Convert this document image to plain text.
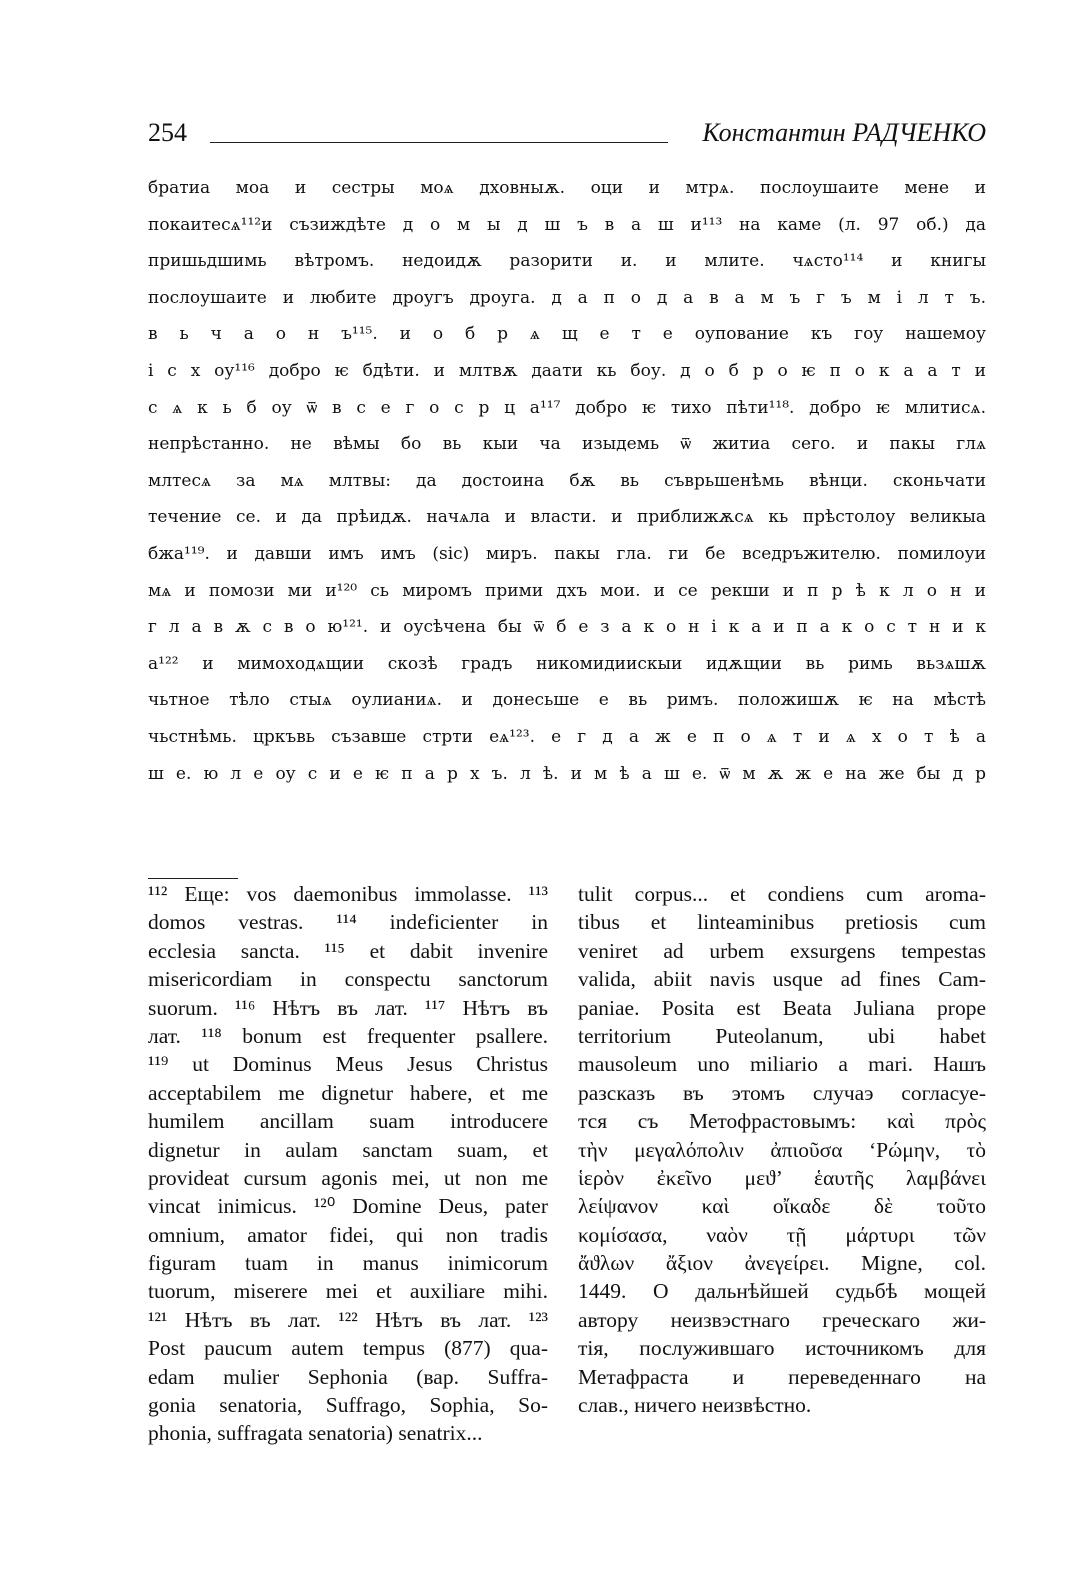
254	Константин РАДЧЕНКО
братиа моа и сестры моѧ дховныѫ. оци и мтрѧ. послоушаите мене и
покаитесѧ¹¹²и съзиждѣте д о м ы д ш ъ в а ш и¹¹³ на камe (л. 97 об.) да
пришьдшимь вѣтромъ. недоидѫ разорити и. и млите. чѧсто¹¹⁴ и книгы
послоушаите и любите дроугъ дроуга. д а п о д а в а м ъ г ъ м і л т ъ.
в ь ч а о н ъ¹¹⁵. и о б р ѧ щ е т е оупованиe къ гоу нашемоу
і с х оу¹¹⁶ добро ѥ бдѣти. и млтвѫ даати кь боу. д о б р о ѥ п о к а а т и
с ѧ к ь б оу ѿ в с е г о с р ц а¹¹⁷ добро ѥ тихо пѣти¹¹⁸. добро ѥ млитисѧ.
непрѣстанно. не вѣмы бо вь кыи ча изыдемь ѿ житиа сего. и пакы глѧ
млтесѧ за мѧ млтвы: да достоина бѫ вь съврьшенѣмь вѣнци. сконьчати
течениe се. и да прѣидѫ. начѧла и власти. и приближѫсѧ кь прѣстолоу великыа
бжа¹¹⁹. и давши имъ имъ (sic) миръ. пакы гла. ги бе вседръжителю. помилоуи
мѧ и помози ми и¹²⁰ сь миромъ прими дхъ мои. и се рекши и п р ѣ к л о н и
г л а в ѫ с в о ю¹²¹. и оусѣчена бы ѿ б е з а к о н і к а и п а к о с т н и к
а¹²² и мимоходѧщии скозѣ градъ никомидиискыи идѫщии вь римь вьзѧшѫ
чьтноe тѣло стыѧ оулианиѧ. и донесьше e вь римъ. положишѫ ѥ на мѣстѣ
чьстнѣмь. цркъвь съзавше стрти еѧ¹²³. e г д а ж е п о ѧ т и ѧ х о т ѣ а
ш е. ю л е оу с и e ѥ п а р х ъ. л ѣ. и м ѣ а ш е. ѿ м ѫ ж е на же бы д р
¹¹² Еще: vos daemonibus immolasse. ¹¹³
domos vestras. ¹¹⁴ indeficienter in
ecclesia sancta. ¹¹⁵ et dabit invenire
misericordiam in conspectu sanctorum
suorum. ¹¹⁶ Нѣтъ въ лат. ¹¹⁷ Нѣтъ въ
лат. ¹¹⁸ bonum est frequenter psallere.
¹¹⁹ ut Dominus Meus Jesus Christus
acceptabilem me dignetur habere, et me
humilem ancillam suam introducere
dignetur in aulam sanctam suam, et
provideat cursum agonis mei, ut non me
vincat inimicus. ¹²⁰ Domine Deus, pater
omnium, amator fidei, qui non tradis
figuram tuam in manus inimicorum
tuorum, miserere mei et auxiliare mihi.
¹²¹ Нѣтъ въ лат. ¹²² Нѣтъ въ лат. ¹²³
Post paucum autem tempus (877) qua-
edam mulier Sephonia (вар. Suffra-
gonia senatoria, Suffrago, Sophia, So-
phonia, suffragata senatoria) senatrix...
tulit corpus... et condiens cum aroma-
tibus et linteaminibus pretiosis cum
veniret ad urbem exsurgens tempestas
valida, abiit navis usque ad fines Cam-
paniae. Posita est Beata Juliana prope
territorium Puteolanum, ubi habet
mausoleum uno miliario a mari. Нашъ
разсказъ въ этомъ случаэ согласуе-
тся съ Метофрастовымъ: καὶ πρὸς
τὴν μεγαλόπολιν ἀπιοῦσα ‘Ρώμην, τὸ
ἱερὸν ἐκεῖνο μεϑ’ ἑαυτῆς λαμβάνει
λείψανον καὶ οἴκαδε δὲ τοῦτο
κομίσασα, ναὸν τῇ μάρτυρι τῶν
ἄϑλων ἄξιον ἀνεγείρει. Migne, col.
1449. О дальнѣйшей судьбѣ мощей
автору неизвэстнаго греческаго жи-
тія, послужившаго источникомъ для
Метафраста и переведеннаго на
слав., ничего неизвѣстно.
